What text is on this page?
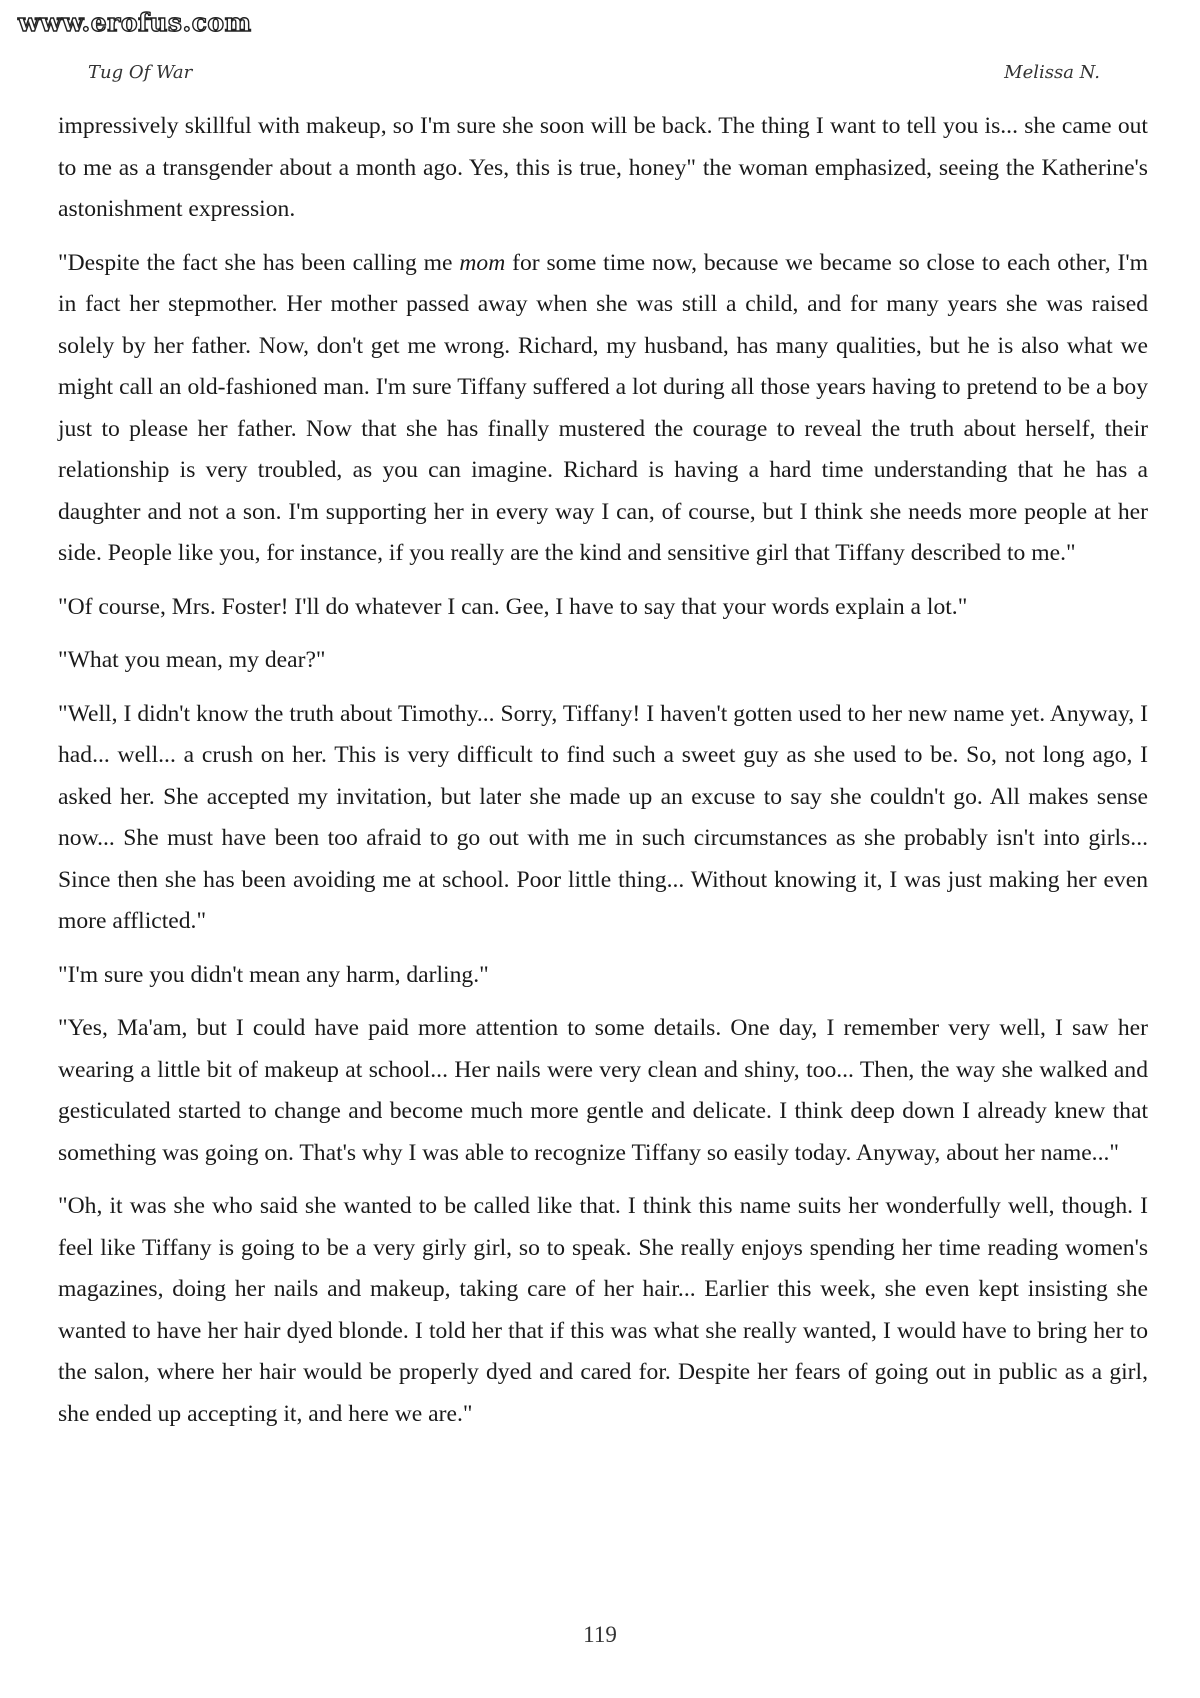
www.erofus.com
Tug Of War	Melissa N.

impressively skillful with makeup, so I'm sure she soon will be back. The thing I want to tell you is... she came out to me as a transgender about a month ago. Yes, this is true, honey" the woman emphasized, seeing the Katherine's astonishment expression.

"Despite the fact she has been calling me mom for some time now, because we became so close to each other, I'm in fact her stepmother. Her mother passed away when she was still a child, and for many years she was raised solely by her father. Now, don't get me wrong. Richard, my husband, has many qualities, but he is also what we might call an old-fashioned man. I'm sure Tiffany suffered a lot during all those years having to pretend to be a boy just to please her father. Now that she has finally mustered the courage to reveal the truth about herself, their relationship is very troubled, as you can imagine. Richard is having a hard time understanding that he has a daughter and not a son. I'm supporting her in every way I can, of course, but I think she needs more people at her side. People like you, for instance, if you really are the kind and sensitive girl that Tiffany described to me."

"Of course, Mrs. Foster! I'll do whatever I can. Gee, I have to say that your words explain a lot."

"What you mean, my dear?"

"Well, I didn't know the truth about Timothy... Sorry, Tiffany! I haven't gotten used to her new name yet. Anyway, I had... well... a crush on her. This is very difficult to find such a sweet guy as she used to be. So, not long ago, I asked her. She accepted my invitation, but later she made up an excuse to say she couldn't go. All makes sense now... She must have been too afraid to go out with me in such circumstances as she probably isn't into girls... Since then she has been avoiding me at school. Poor little thing... Without knowing it, I was just making her even more afflicted."

"I'm sure you didn't mean any harm, darling."

"Yes, Ma'am, but I could have paid more attention to some details. One day, I remember very well, I saw her wearing a little bit of makeup at school... Her nails were very clean and shiny, too... Then, the way she walked and gesticulated started to change and become much more gentle and delicate. I think deep down I already knew that something was going on. That's why I was able to recognize Tiffany so easily today. Anyway, about her name..."

"Oh, it was she who said she wanted to be called like that. I think this name suits her wonderfully well, though. I feel like Tiffany is going to be a very girly girl, so to speak. She really enjoys spending her time reading women's magazines, doing her nails and makeup, taking care of her hair... Earlier this week, she even kept insisting she wanted to have her hair dyed blonde. I told her that if this was what she really wanted, I would have to bring her to the salon, where her hair would be properly dyed and cared for. Despite her fears of going out in public as a girl, she ended up accepting it, and here we are."

119
